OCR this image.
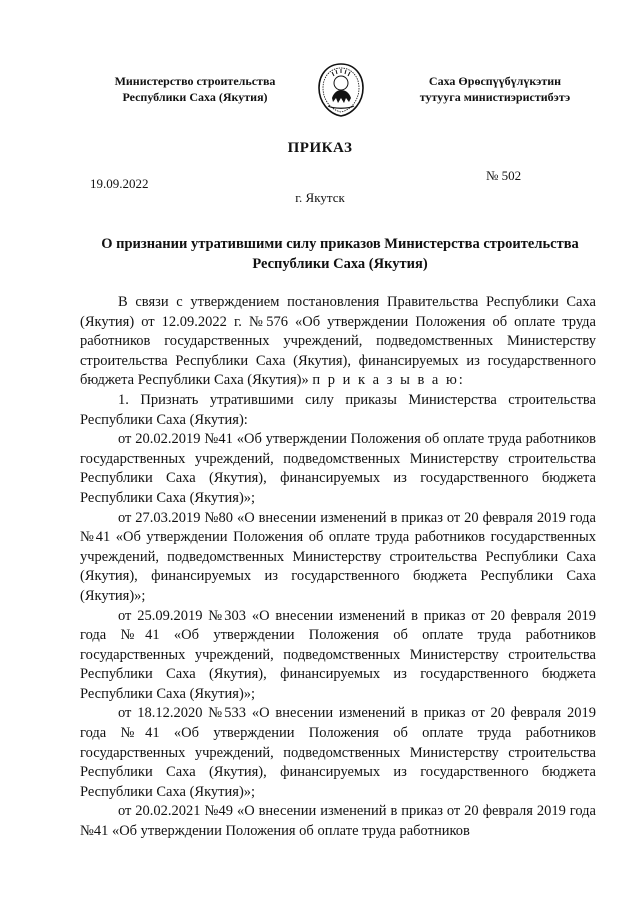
Министерство строительства
Республики Саха (Якутия)
Саха Өрөспүүбүлүкэтин
тутууга министиэристибэтэ
ПРИКАЗ
19.09.2022
№ 502
г. Якутск
О признании утратившими силу приказов Министерства строительства
Республики Саха (Якутия)

В связи с утверждением постановления Правительства Республики Саха (Якутия) от 12.09.2022 г. №576 «Об утверждении Положения об оплате труда работников государственных учреждений, подведомственных Министерству строительства Республики Саха (Якутия), финансируемых из государственного бюджета Республики Саха (Якутия)» п р и к а з ы в а ю:

1. Признать утратившими силу приказы Министерства строительства Республики Саха (Якутия):

от 20.02.2019 №41 «Об утверждении Положения об оплате труда работников государственных учреждений, подведомственных Министерству строительства Республики Саха (Якутия), финансируемых из государственного бюджета Республики Саха (Якутия)»;

от 27.03.2019 №80 «О внесении изменений в приказ от 20 февраля 2019 года №41 «Об утверждении Положения об оплате труда работников государственных учреждений, подведомственных Министерству строительства Республики Саха (Якутия), финансируемых из государственного бюджета Республики Саха (Якутия)»;

от 25.09.2019 №303 «О внесении изменений в приказ от 20 февраля 2019 года №41 «Об утверждении Положения об оплате труда работников государственных учреждений, подведомственных Министерству строительства Республики Саха (Якутия), финансируемых из государственного бюджета Республики Саха (Якутия)»;

от 18.12.2020 №533 «О внесении изменений в приказ от 20 февраля 2019 года №41 «Об утверждении Положения об оплате труда работников государственных учреждений, подведомственных Министерству строительства Республики Саха (Якутия), финансируемых из государственного бюджета Республики Саха (Якутия)»;

от 20.02.2021 №49 «О внесении изменений в приказ от 20 февраля 2019 года №41 «Об утверждении Положения об оплате труда работников
